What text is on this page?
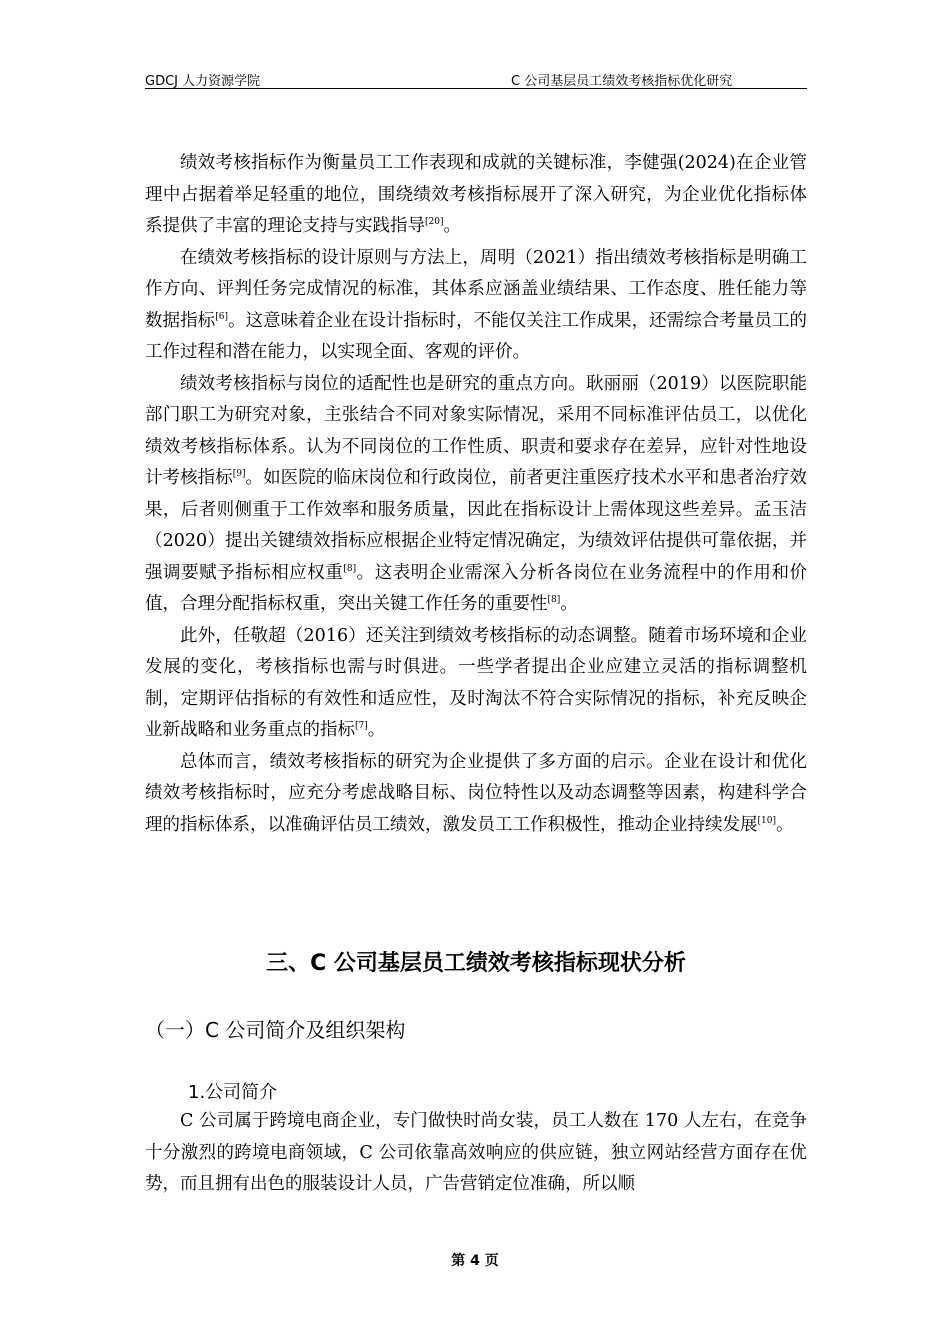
GDCJ 人力资源学院	C 公司基层员工绩效考核指标优化研究

绩效考核指标作为衡量员工工作表现和成就的关键标准，李健强(2024)在企业管理中占据着举足轻重的地位，围绕绩效考核指标展开了深入研究，为企业优化指标体系提供了丰富的理论支持与实践指导[20]。

在绩效考核指标的设计原则与方法上，周明（2021）指出绩效考核指标是明确工作方向、评判任务完成情况的标准，其体系应涵盖业绩结果、工作态度、胜任能力等数据指标[6]。这意味着企业在设计指标时，不能仅关注工作成果，还需综合考量员工的工作过程和潜在能力，以实现全面、客观的评价。

绩效考核指标与岗位的适配性也是研究的重点方向。耿丽丽（2019）以医院职能部门职工为研究对象，主张结合不同对象实际情况，采用不同标准评估员工，以优化绩效考核指标体系。认为不同岗位的工作性质、职责和要求存在差异，应针对性地设计考核指标[9]。如医院的临床岗位和行政岗位，前者更注重医疗技术水平和患者治疗效果，后者则侧重于工作效率和服务质量，因此在指标设计上需体现这些差异。孟玉洁（2020）提出关键绩效指标应根据企业特定情况确定，为绩效评估提供可靠依据，并强调要赋予指标相应权重[8]。这表明企业需深入分析各岗位在业务流程中的作用和价值，合理分配指标权重，突出关键工作任务的重要性[8]。

此外，任敬超（2016）还关注到绩效考核指标的动态调整。随着市场环境和企业发展的变化，考核指标也需与时俱进。一些学者提出企业应建立灵活的指标调整机制，定期评估指标的有效性和适应性，及时淘汰不符合实际情况的指标，补充反映企业新战略和业务重点的指标[7]。

总体而言，绩效考核指标的研究为企业提供了多方面的启示。企业在设计和优化绩效考核指标时，应充分考虑战略目标、岗位特性以及动态调整等因素，构建科学合理的指标体系，以准确评估员工绩效，激发员工工作积极性，推动企业持续发展[10]。

三、C 公司基层员工绩效考核指标现状分析
（一）C 公司简介及组织架构
1.公司简介

C 公司属于跨境电商企业，专门做快时尚女装，员工人数在 170 人左右，在竞争十分激烈的跨境电商领域，C 公司依靠高效响应的供应链，独立网站经营方面存在优势，而且拥有出色的服装设计人员，广告营销定位准确，所以顺

第 4 页
